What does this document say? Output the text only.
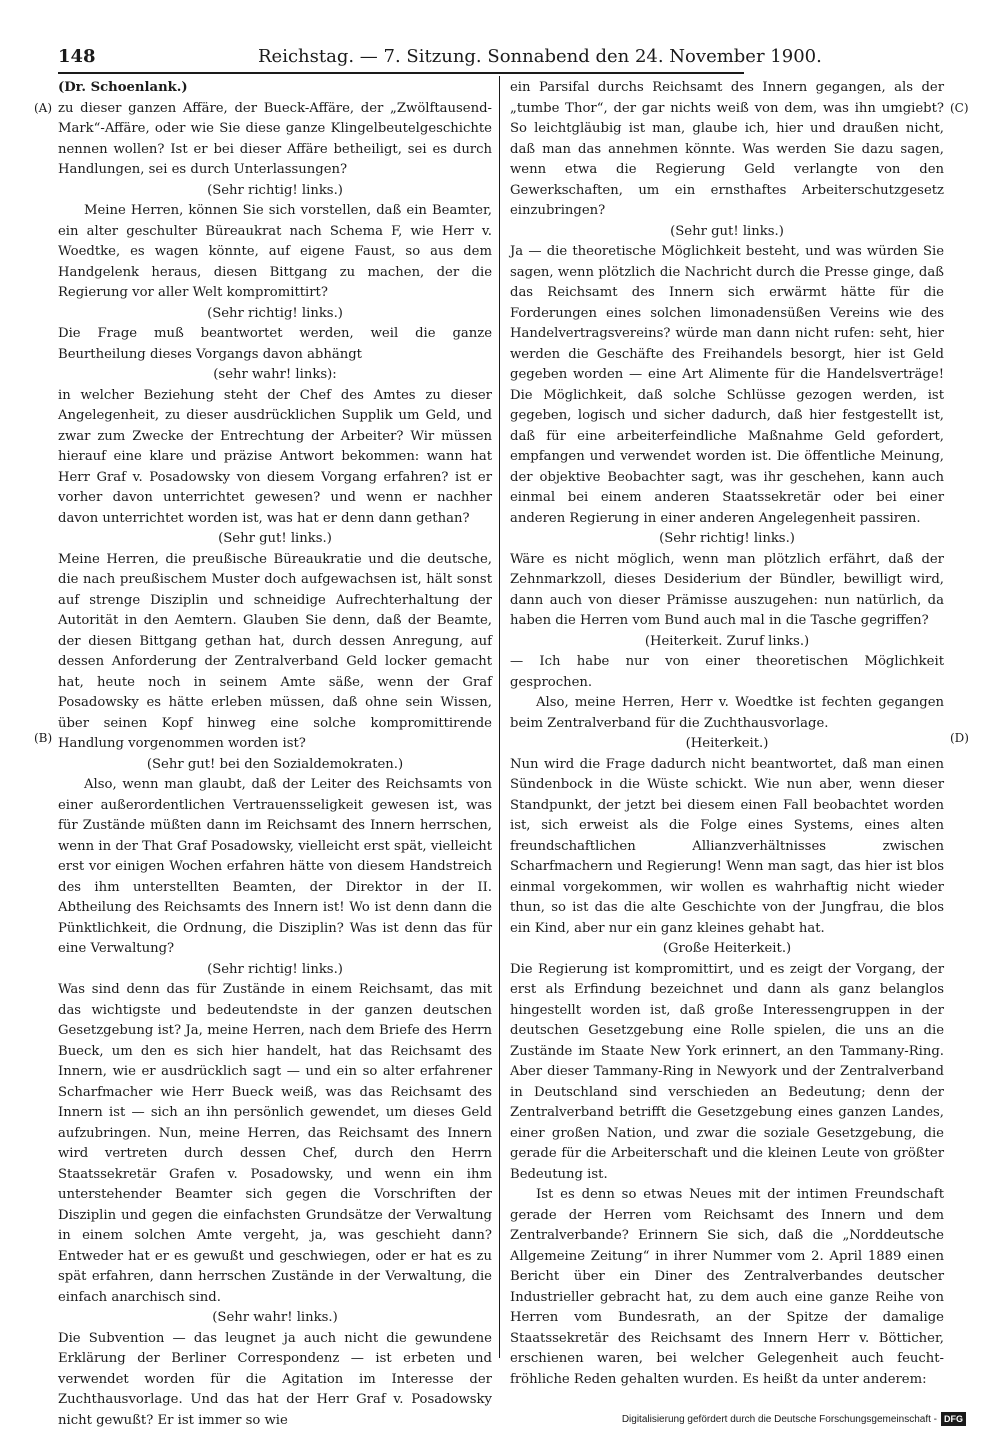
148	Reichstag. — 7. Sitzung. Sonnabend den 24. November 1900.
(A)
(B)
(C)
(D)

(Dr. Schoenlank.)

zu dieser ganzen Affäre, der Bueck-Affäre, der „Zwölftausend-Mark“-Affäre, oder wie Sie diese ganze Klingelbeutelgeschichte nennen wollen? Ist er bei dieser Affäre betheiligt, sei es durch Handlungen, sei es durch Unterlassungen?

(Sehr richtig! links.)

Meine Herren, können Sie sich vorstellen, daß ein Beamter, ein alter geschulter Büreaukrat nach Schema F, wie Herr v. Woedtke, es wagen könnte, auf eigene Faust, so aus dem Handgelenk heraus, diesen Bittgang zu machen, der die Regierung vor aller Welt kompromittirt?

(Sehr richtig! links.)

Die Frage muß beantwortet werden, weil die ganze Beurtheilung dieses Vorgangs davon abhängt

(sehr wahr! links):

in welcher Beziehung steht der Chef des Amtes zu dieser Angelegenheit, zu dieser ausdrücklichen Supplik um Geld, und zwar zum Zwecke der Entrechtung der Arbeiter? Wir müssen hierauf eine klare und präzise Antwort bekommen: wann hat Herr Graf v. Posadowsky von diesem Vorgang erfahren? ist er vorher davon unterrichtet gewesen? und wenn er nachher davon unterrichtet worden ist, was hat er denn dann gethan?

(Sehr gut! links.)

Meine Herren, die preußische Büreaukratie und die deutsche, die nach preußischem Muster doch aufgewachsen ist, hält sonst auf strenge Disziplin und schneidige Aufrechterhaltung der Autorität in den Aemtern. Glauben Sie denn, daß der Beamte, der diesen Bittgang gethan hat, durch dessen Anregung, auf dessen Anforderung der Zentralverband Geld locker gemacht hat, heute noch in seinem Amte säße, wenn der Graf Posadowsky es hätte erleben müssen, daß ohne sein Wissen, über seinen Kopf hinweg eine solche kompromittirende Handlung vorgenommen worden ist?

(Sehr gut! bei den Sozialdemokraten.)

Also, wenn man glaubt, daß der Leiter des Reichsamts von einer außerordentlichen Vertrauensseligkeit gewesen ist, was für Zustände müßten dann im Reichsamt des Innern herrschen, wenn in der That Graf Posadowsky, vielleicht erst spät, vielleicht erst vor einigen Wochen erfahren hätte von diesem Handstreich des ihm unterstellten Beamten, der Direktor in der II. Abtheilung des Reichsamts des Innern ist! Wo ist denn dann die Pünktlichkeit, die Ordnung, die Disziplin? Was ist denn das für eine Verwaltung?

(Sehr richtig! links.)

Was sind denn das für Zustände in einem Reichsamt, das mit das wichtigste und bedeutendste in der ganzen deutschen Gesetzgebung ist? Ja, meine Herren, nach dem Briefe des Herrn Bueck, um den es sich hier handelt, hat das Reichsamt des Innern, wie er ausdrücklich sagt — und ein so alter erfahrener Scharfmacher wie Herr Bueck weiß, was das Reichsamt des Innern ist — sich an ihn persönlich gewendet, um dieses Geld aufzubringen. Nun, meine Herren, das Reichsamt des Innern wird vertreten durch dessen Chef, durch den Herrn Staatssekretär Grafen v. Posadowsky, und wenn ein ihm unterstehender Beamter sich gegen die Vorschriften der Disziplin und gegen die einfachsten Grundsätze der Verwaltung in einem solchen Amte vergeht, ja, was geschieht dann? Entweder hat er es gewußt und geschwiegen, oder er hat es zu spät erfahren, dann herrschen Zustände in der Verwaltung, die einfach anarchisch sind.

(Sehr wahr! links.)

Die Subvention — das leugnet ja auch nicht die gewundene Erklärung der Berliner Correspondenz — ist erbeten und verwendet worden für die Agitation im Interesse der Zuchthausvorlage. Und das hat der Herr Graf v. Posadowsky nicht gewußt? Er ist immer so wie

ein Parsifal durchs Reichsamt des Innern gegangen, als der „tumbe Thor“, der gar nichts weiß von dem, was ihn umgiebt? So leichtgläubig ist man, glaube ich, hier und draußen nicht, daß man das annehmen könnte. Was werden Sie dazu sagen, wenn etwa die Regierung Geld verlangte von den Gewerkschaften, um ein ernsthaftes Arbeiterschutzgesetz einzubringen?

(Sehr gut! links.)

Ja — die theoretische Möglichkeit besteht, und was würden Sie sagen, wenn plötzlich die Nachricht durch die Presse ginge, daß das Reichsamt des Innern sich erwärmt hätte für die Forderungen eines solchen limonadensüßen Vereins wie des Handelvertragsvereins? würde man dann nicht rufen: seht, hier werden die Geschäfte des Freihandels besorgt, hier ist Geld gegeben worden — eine Art Alimente für die Handelsverträge! Die Möglichkeit, daß solche Schlüsse gezogen werden, ist gegeben, logisch und sicher dadurch, daß hier festgestellt ist, daß für eine arbeiterfeindliche Maßnahme Geld gefordert, empfangen und verwendet worden ist. Die öffentliche Meinung, der objektive Beobachter sagt, was ihr geschehen, kann auch einmal bei einem anderen Staatssekretär oder bei einer anderen Regierung in einer anderen Angelegenheit passiren.

(Sehr richtig! links.)

Wäre es nicht möglich, wenn man plötzlich erfährt, daß der Zehnmarkzoll, dieses Desiderium der Bündler, bewilligt wird, dann auch von dieser Prämisse auszugehen: nun natürlich, da haben die Herren vom Bund auch mal in die Tasche gegriffen?

(Heiterkeit. Zuruf links.)

— Ich habe nur von einer theoretischen Möglichkeit gesprochen.

Also, meine Herren, Herr v. Woedtke ist fechten gegangen beim Zentralverband für die Zuchthausvorlage.

(Heiterkeit.)

Nun wird die Frage dadurch nicht beantwortet, daß man einen Sündenbock in die Wüste schickt. Wie nun aber, wenn dieser Standpunkt, der jetzt bei diesem einen Fall beobachtet worden ist, sich erweist als die Folge eines Systems, eines alten freundschaftlichen Allianzverhältnisses zwischen Scharfmachern und Regierung! Wenn man sagt, das hier ist blos einmal vorgekommen, wir wollen es wahrhaftig nicht wieder thun, so ist das die alte Geschichte von der Jungfrau, die blos ein Kind, aber nur ein ganz kleines gehabt hat.

(Große Heiterkeit.)

Die Regierung ist kompromittirt, und es zeigt der Vorgang, der erst als Erfindung bezeichnet und dann als ganz belanglos hingestellt worden ist, daß große Interessengruppen in der deutschen Gesetzgebung eine Rolle spielen, die uns an die Zustände im Staate New York erinnert, an den Tammany-Ring. Aber dieser Tammany-Ring in Newyork und der Zentralverband in Deutschland sind verschieden an Bedeutung; denn der Zentralverband betrifft die Gesetzgebung eines ganzen Landes, einer großen Nation, und zwar die soziale Gesetzgebung, die gerade für die Arbeiterschaft und die kleinen Leute von größter Bedeutung ist.

Ist es denn so etwas Neues mit der intimen Freundschaft gerade der Herren vom Reichsamt des Innern und dem Zentralverbande? Erinnern Sie sich, daß die „Norddeutsche Allgemeine Zeitung“ in ihrer Nummer vom 2. April 1889 einen Bericht über ein Diner des Zentralverbandes deutscher Industrieller gebracht hat, zu dem auch eine ganze Reihe von Herren vom Bundesrath, an der Spitze der damalige Staatssekretär des Reichsamt des Innern Herr v. Bötticher, erschienen waren, bei welcher Gelegenheit auch feucht-fröhliche Reden gehalten wurden. Es heißt da unter anderem:

Digitalisierung gefördert durch die Deutsche Forschungsgemeinschaft - DFG
